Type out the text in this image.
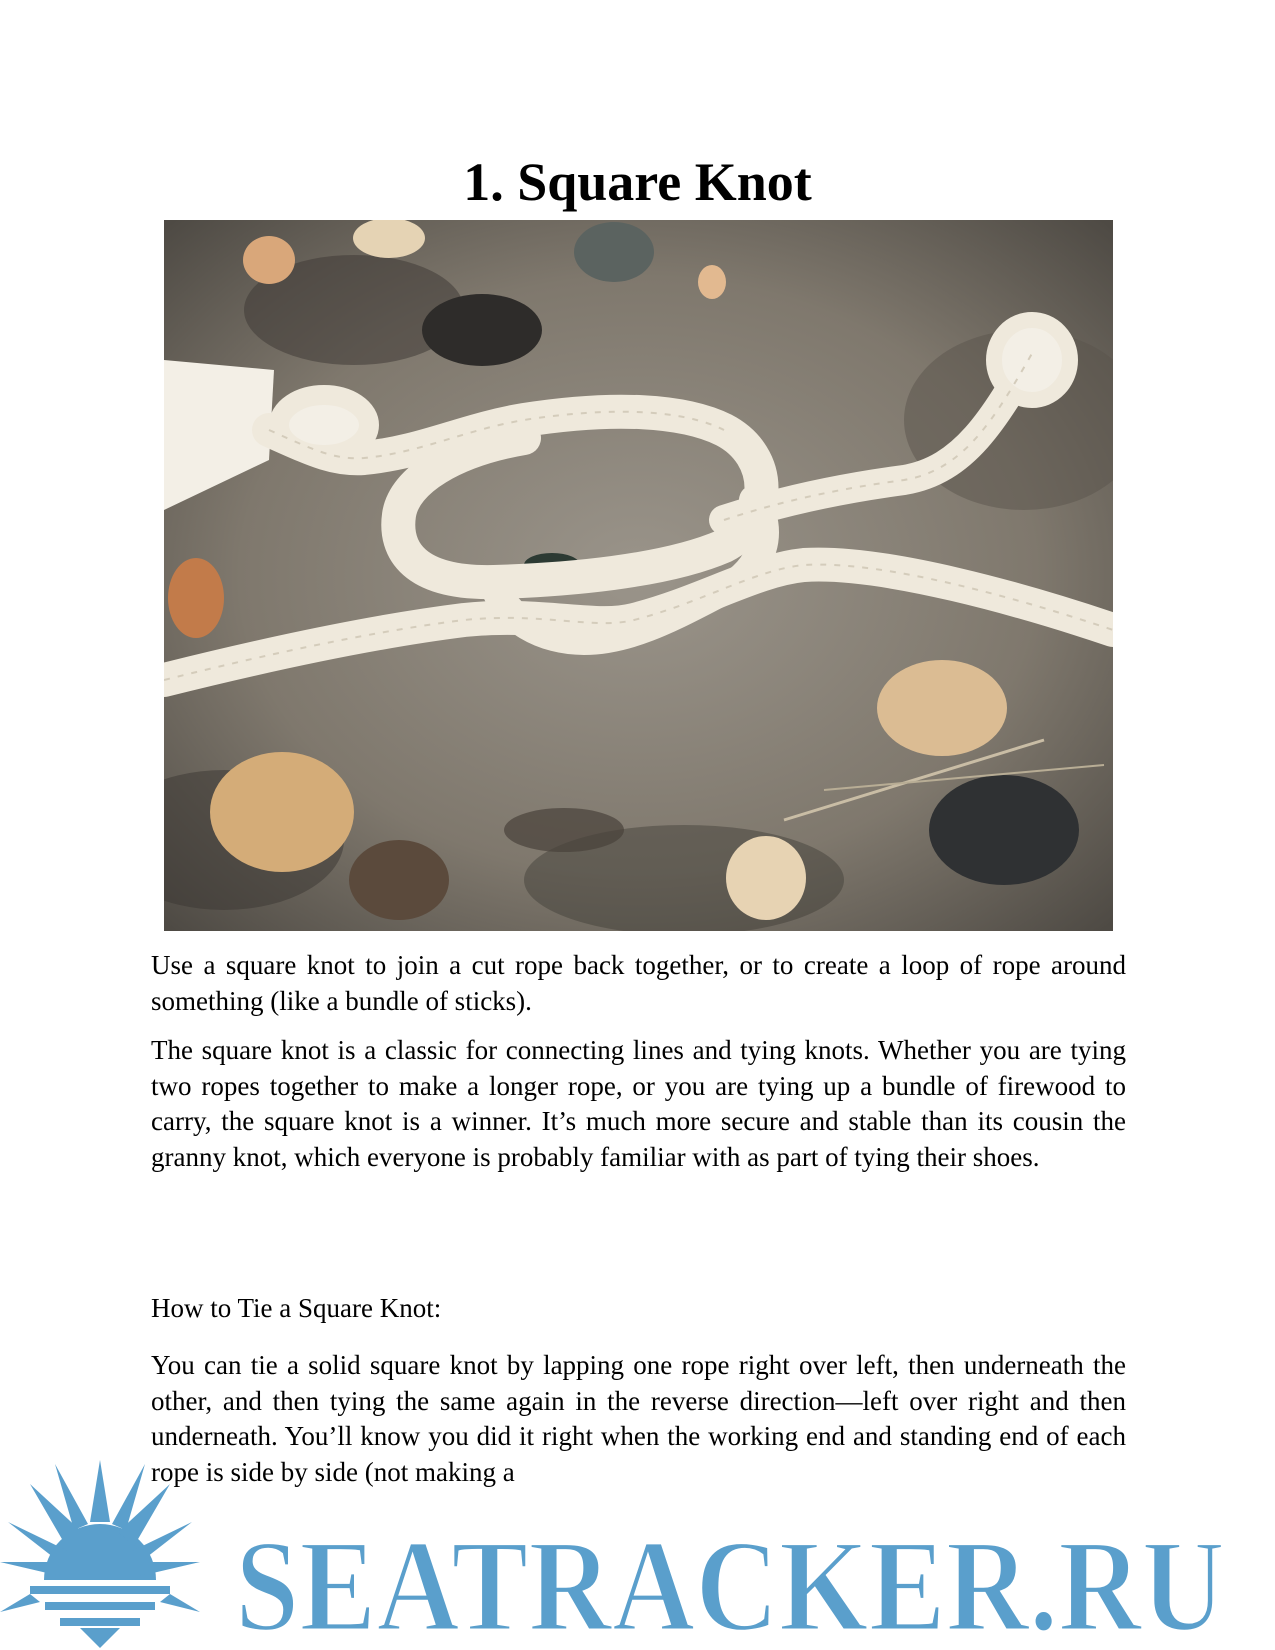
1. Square Knot

Use a square knot to join a cut rope back together, or to create a loop of rope around something (like a bundle of sticks).

The square knot is a classic for connecting lines and tying knots. Whether you are tying two ropes together to make a longer rope, or you are tying up a bundle of firewood to carry, the square knot is a winner. It’s much more secure and stable than its cousin the granny knot, which everyone is probably familiar with as part of tying their shoes.

How to Tie a Square Knot:

You can tie a solid square knot by lapping one rope right over left, then underneath the other, and then tying the same again in the reverse direction—left over right and then underneath. You’ll know you did it right when the working end and standing end of each rope is side by side (not making a

SEATRACKER.RU
